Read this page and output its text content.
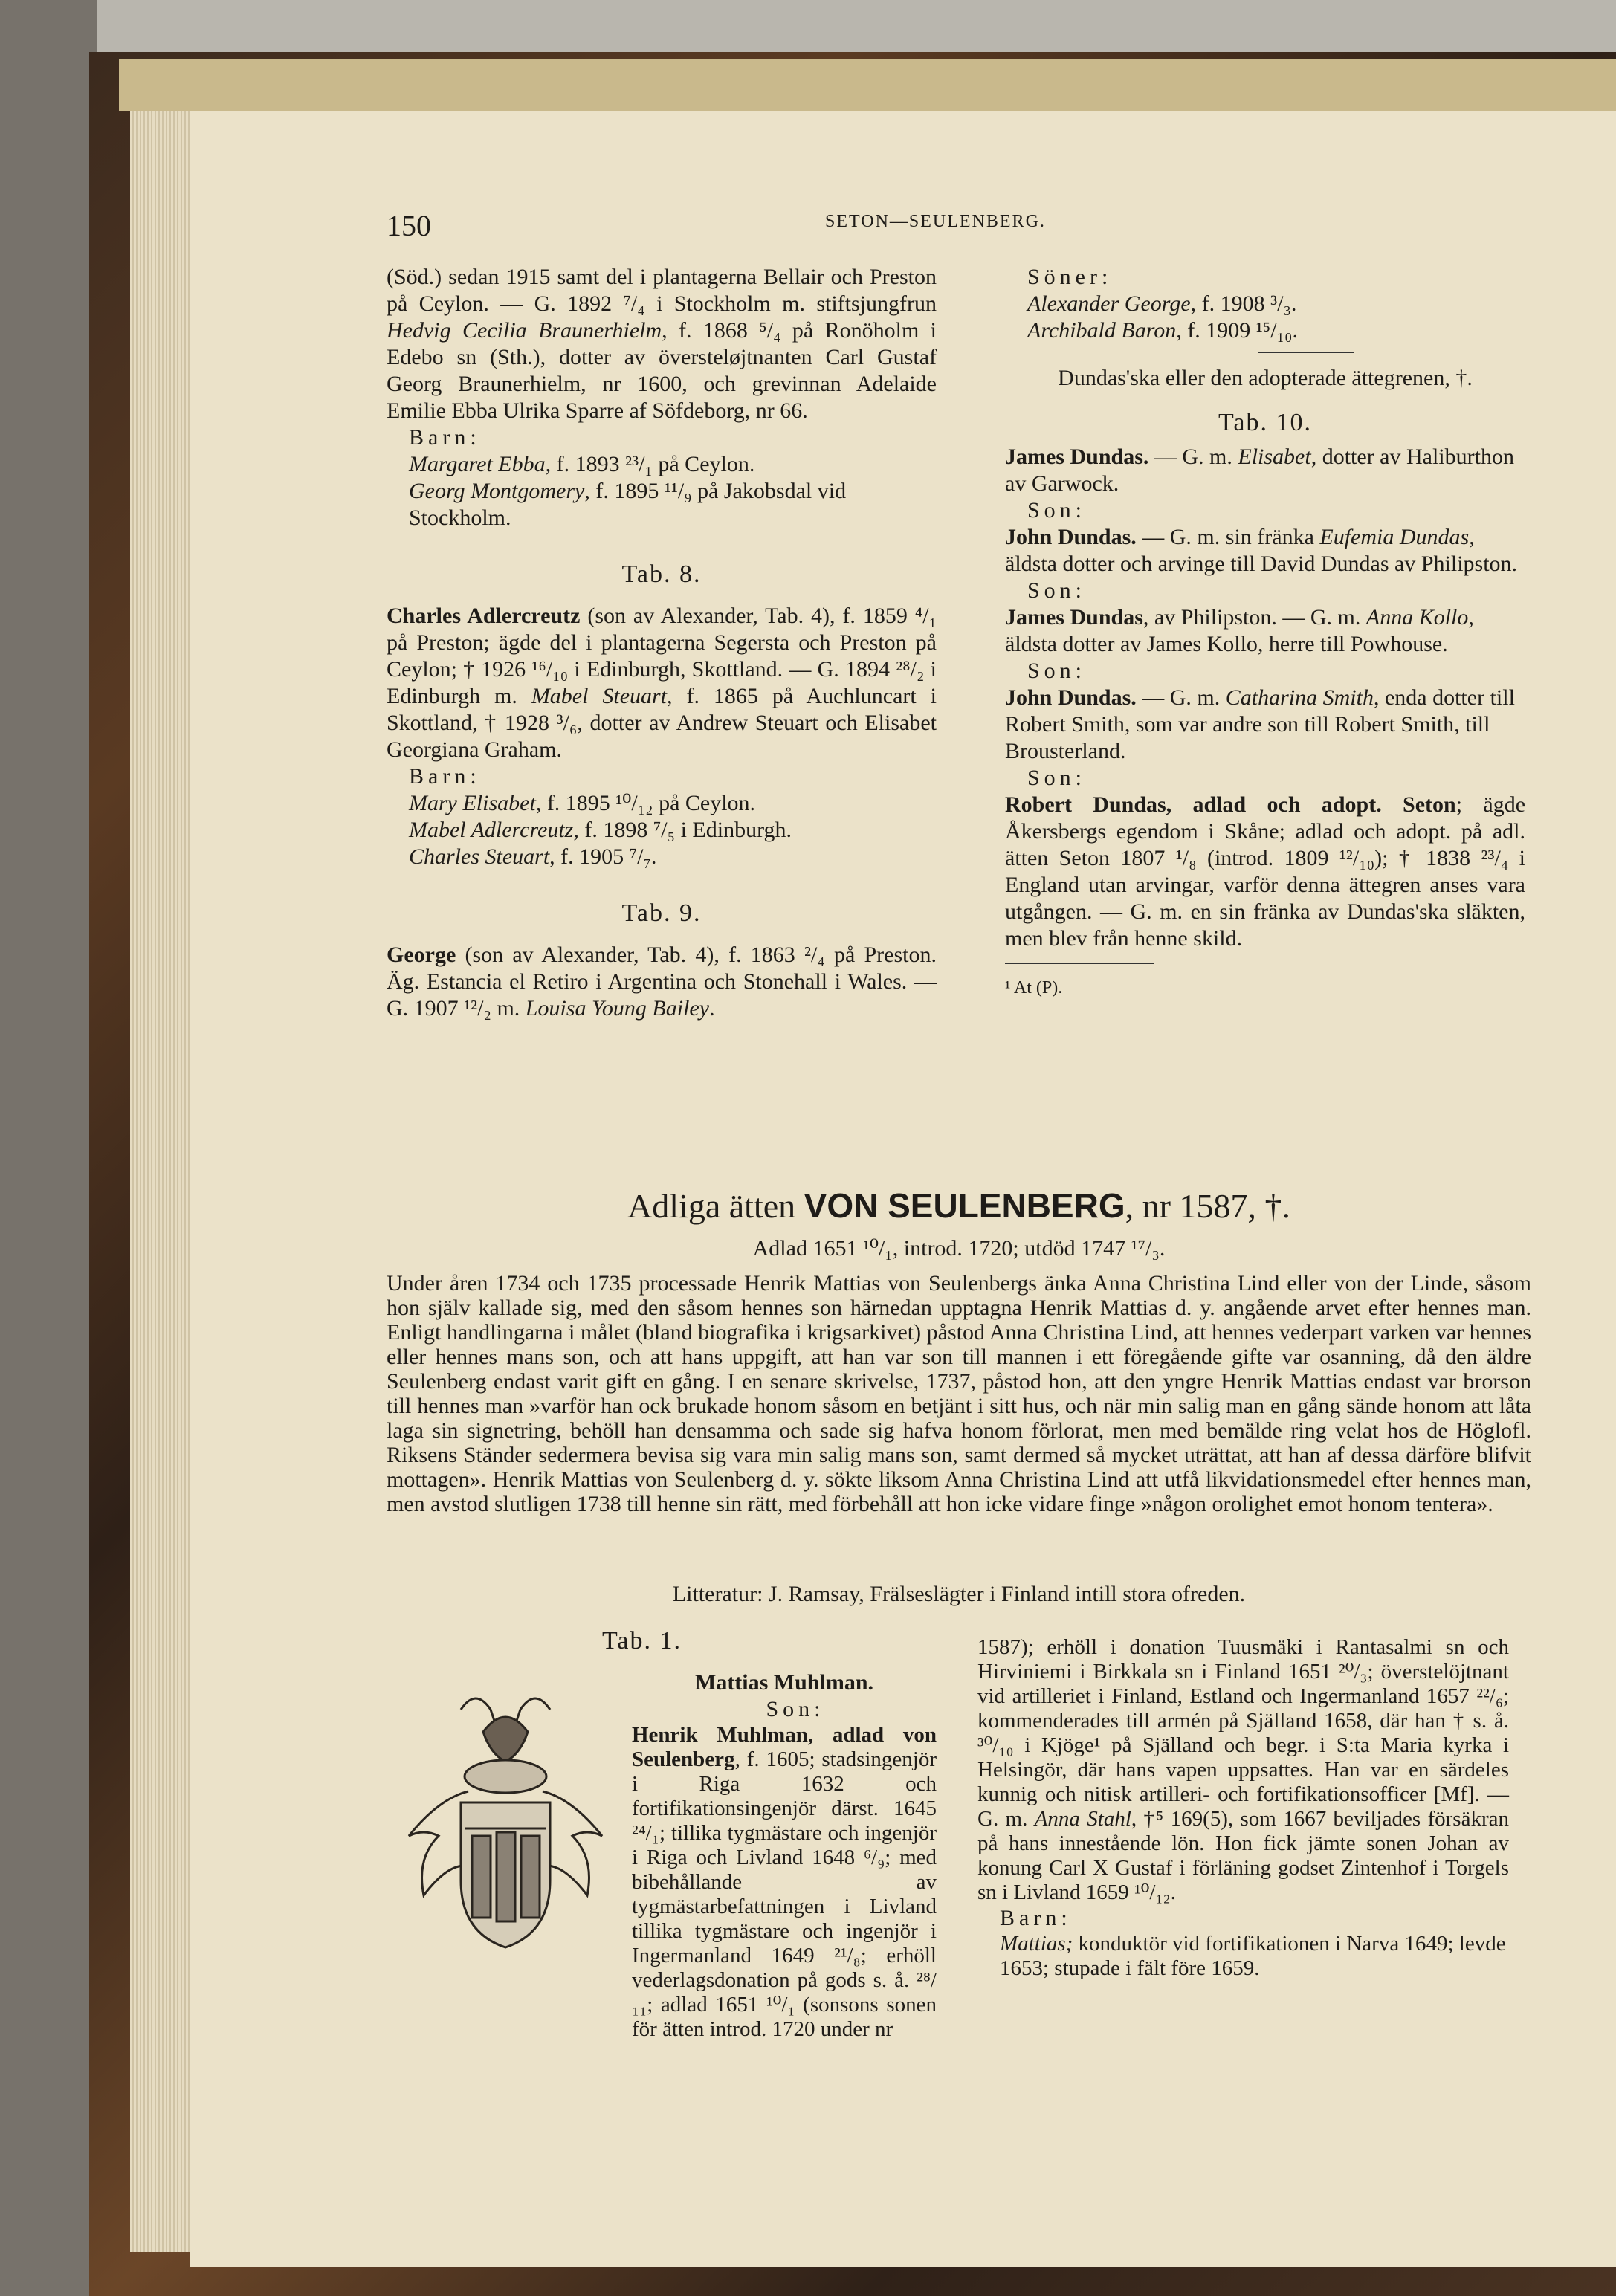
150	SETON—SEULENBERG.

(Söd.) sedan 1915 samt del i plantagerna Bellair och Preston på Ceylon. — G. 1892 ⁷/₄ i Stockholm m. stiftsjungfrun Hedvig Cecilia Braunerhielm, f. 1868 ⁵/₄ på Ronöholm i Edebo sn (Sth.), dotter av översteløjtnanten Carl Gustaf Georg Braunerhielm, nr 1600, och grevinnan Adelaide Emilie Ebba Ulrika Sparre af Söfdeborg, nr 66.

Barn:

Margaret Ebba, f. 1893 ²³/₁ på Ceylon.

Georg Montgomery, f. 1895 ¹¹/₉ på Jakobsdal vid Stockholm.

Tab. 8.

Charles Adlercreutz (son av Alexander, Tab. 4), f. 1859 ⁴/₁ på Preston; ägde del i plantagerna Segersta och Preston på Ceylon; † 1926 ¹⁶/₁₀ i Edinburgh, Skottland. — G. 1894 ²⁸/₂ i Edinburgh m. Mabel Steuart, f. 1865 på Auchluncart i Skottland, † 1928 ³/₆, dotter av Andrew Steuart och Elisabet Georgiana Graham.

Barn:

Mary Elisabet, f. 1895 ¹⁰/₁₂ på Ceylon.

Mabel Adlercreutz, f. 1898 ⁷/₅ i Edinburgh.

Charles Steuart, f. 1905 ⁷/₇.

Tab. 9.

George (son av Alexander, Tab. 4), f. 1863 ²/₄ på Preston. Äg. Estancia el Retiro i Argentina och Stonehall i Wales. — G. 1907 ¹²/₂ m. Louisa Young Bailey.

Söner:

Alexander George, f. 1908 ³/₃.

Archibald Baron, f. 1909 ¹⁵/₁₀.

Dundas'ska eller den adopterade ättegrenen, †.

Tab. 10.

James Dundas. — G. m. Elisabet, dotter av Haliburthon av Garwock.

Son:

John Dundas. — G. m. sin fränka Eufemia Dundas, äldsta dotter och arvinge till David Dundas av Philipston.

Son:

James Dundas, av Philipston. — G. m. Anna Kollo, äldsta dotter av James Kollo, herre till Powhouse.

Son:

John Dundas. — G. m. Catharina Smith, enda dotter till Robert Smith, som var andre son till Robert Smith, till Brousterland.

Son:

Robert Dundas, adlad och adopt. Seton; ägde Åkersbergs egendom i Skåne; adlad och adopt. på adl. ätten Seton 1807 ¹/₈ (introd. 1809 ¹²/₁₀); † 1838 ²³/₄ i England utan arvingar, varför denna ättegren anses vara utgången. — G. m. en sin fränka av Dundas'ska släkten, men blev från henne skild.

¹ At (P).

Adliga ätten VON SEULENBERG, nr 1587, †.
Adlad 1651 ¹⁰/₁, introd. 1720; utdöd 1747 ¹⁷/₃.
Under åren 1734 och 1735 processade Henrik Mattias von Seulenbergs änka Anna Christina Lind eller von der Linde, såsom hon själv kallade sig, med den såsom hennes son härnedan upptagna Henrik Mattias d. y. angående arvet efter hennes man. Enligt handlingarna i målet (bland biografika i krigsarkivet) påstod Anna Christina Lind, att hennes vederpart varken var hennes eller hennes mans son, och att hans uppgift, att han var son till mannen i ett föregående gifte var osanning, då den äldre Seulenberg endast varit gift en gång. I en senare skrivelse, 1737, påstod hon, att den yngre Henrik Mattias endast var brorson till hennes man »varför han ock brukade honom såsom en betjänt i sitt hus, och när min salig man en gång sände honom att låta laga sin signetring, behöll han densamma och sade sig hafva honom förlorat, men med bemälde ring velat hos de Höglofl. Riksens Ständer sedermera bevisa sig vara min salig mans son, samt dermed så mycket uträttat, att han af dessa därföre blifvit mottagen». Henrik Mattias von Seulenberg d. y. sökte liksom Anna Christina Lind att utfå likvidationsmedel efter hennes man, men avstod slutligen 1738 till henne sin rätt, med förbehåll att hon icke vidare finge »någon orolighet emot honom tentera».
Litteratur: J. Ramsay, Frälseslägter i Finland intill stora ofreden.
Tab. 1.

Mattias Muhlman.

Son:

Henrik Muhlman, adlad von Seulenberg, f. 1605; stadsingenjör i Riga 1632 och fortifikationsingenjör därst. 1645 ²⁴/₁; tillika tygmästare och ingenjör i Riga och Livland 1648 ⁶/₉; med bibehållande av tygmästarbefattningen i Livland tillika tygmästare och ingenjör i Ingermanland 1649 ²¹/₈; erhöll vederlagsdonation på gods s. å. ²⁸/₁₁; adlad 1651 ¹⁰/₁ (sonsons sonen för ätten introd. 1720 under nr

1587); erhöll i donation Tuusmäki i Rantasalmi sn och Hirviniemi i Birkkala sn i Finland 1651 ²⁰/₃; överstelöjtnant vid artilleriet i Finland, Estland och Ingermanland 1657 ²²/₆; kommenderades till armén på Själland 1658, där han † s. å. ³⁰/₁₀ i Kjöge¹ på Själland och begr. i S:ta Maria kyrka i Helsingör, där hans vapen uppsattes. Han var en särdeles kunnig och nitisk artilleri- och fortifikationsofficer [Mf]. — G. m. Anna Stahl, †⁵ 169(5), som 1667 beviljades försäkran på hans innestående lön. Hon fick jämte sonen Johan av konung Carl X Gustaf i förläning godset Zintenhof i Torgels sn i Livland 1659 ¹⁰/₁₂.

Barn:

Mattias; konduktör vid fortifikationen i Narva 1649; levde 1653; stupade i fält före 1659.
